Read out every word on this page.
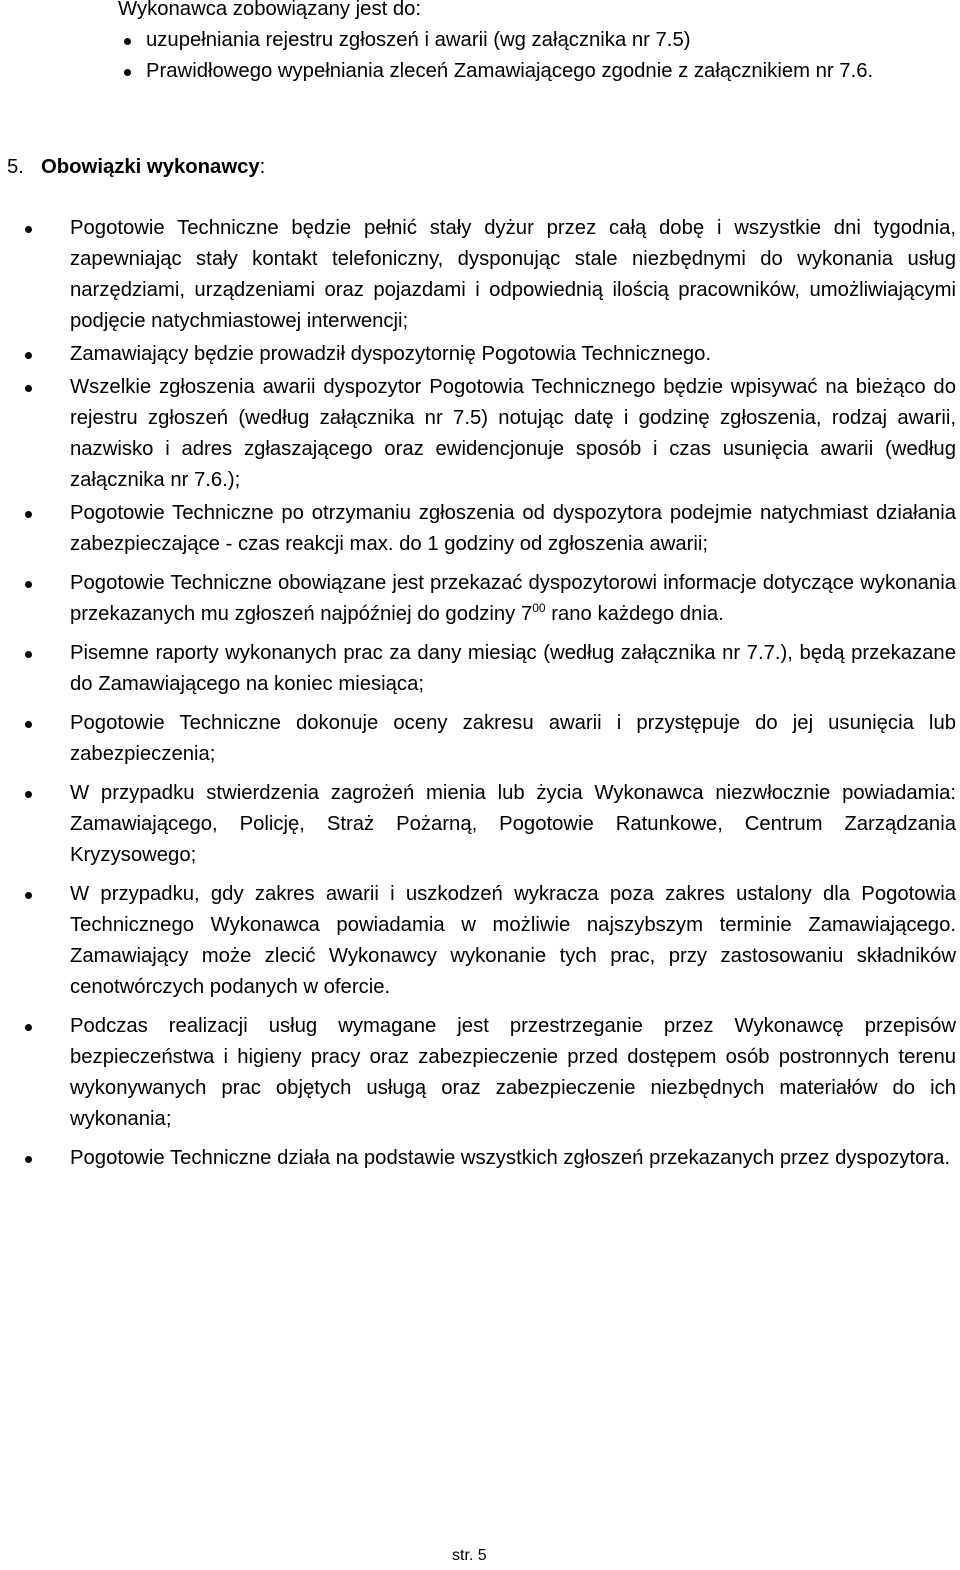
Wykonawca zobowiązany jest do:
uzupełniania rejestru zgłoszeń i awarii (wg załącznika nr 7.5)
Prawidłowego wypełniania zleceń Zamawiającego zgodnie z załącznikiem nr 7.6.
5. Obowiązki wykonawcy:
Pogotowie Techniczne będzie pełnić stały dyżur przez całą dobę i wszystkie dni tygodnia, zapewniając stały kontakt telefoniczny, dysponując stale niezbędnymi do wykonania usług narzędziami, urządzeniami oraz pojazdami i odpowiednią ilością pracowników, umożliwiającymi podjęcie natychmiastowej interwencji;
Zamawiający będzie prowadził dyspozytornię Pogotowia Technicznego.
Wszelkie zgłoszenia awarii dyspozytor Pogotowia Technicznego będzie wpisywać na bieżąco do rejestru zgłoszeń (według załącznika nr 7.5) notując datę i godzinę zgłoszenia, rodzaj awarii, nazwisko i adres zgłaszającego oraz ewidencjonuje sposób i czas usunięcia awarii (według załącznika nr 7.6.);
Pogotowie Techniczne po otrzymaniu zgłoszenia od dyspozytora podejmie natychmiast działania zabezpieczające - czas reakcji max. do 1 godziny od zgłoszenia awarii;
Pogotowie Techniczne obowiązane jest przekazać dyspozytorowi informacje dotyczące wykonania przekazanych mu zgłoszeń najpóźniej do godziny $7^{00}$ rano każdego dnia.
Pisemne raporty wykonanych prac za dany miesiąc (według załącznika nr 7.7.), będą przekazane do Zamawiającego na koniec miesiąca;
Pogotowie Techniczne dokonuje oceny zakresu awarii i przystępuje do jej usunięcia lub zabezpieczenia;
W przypadku stwierdzenia zagrożeń mienia lub życia Wykonawca niezwłocznie powiadamia: Zamawiającego, Policję, Straż Pożarną, Pogotowie Ratunkowe, Centrum Zarządzania Kryzysowego;
W przypadku, gdy zakres awarii i uszkodzeń wykracza poza zakres ustalony dla Pogotowia Technicznego Wykonawca powiadamia w możliwie najszybszym terminie Zamawiającego. Zamawiający może zlecić Wykonawcy wykonanie tych prac, przy zastosowaniu składników cenotwórczych podanych w ofercie.
Podczas realizacji usług wymagane jest przestrzeganie przez Wykonawcę przepisów bezpieczeństwa i higieny pracy oraz zabezpieczenie przed dostępem osób postronnych terenu wykonywanych prac objętych usługą oraz zabezpieczenie niezbędnych materiałów do ich wykonania;
Pogotowie Techniczne działa na podstawie wszystkich zgłoszeń przekazanych przez dyspozytora.
str. 5
